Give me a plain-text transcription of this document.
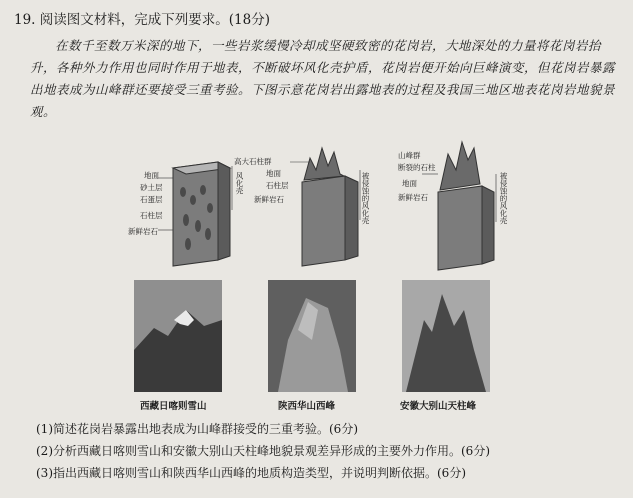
19. 阅读图文材料，完成下列要求。(18分)
在数千至数万米深的地下，一些岩浆缓慢冷却成坚硬致密的花岗岩，大地深处的力量将花岗岩抬升，各种外力作用也同时作用于地表，不断破坏风化壳护盾，花岗岩便开始向巨峰演变，但花岗岩暴露出地表成为山峰群还要接受三重考验。下图示意花岗岩出露地表的过程及我国三地区地表花岗岩地貌景观。
地面
砂土层
石蛋层
石柱层
新鲜岩石
风化壳
高大石柱群
地面
石柱层
新鲜岩石	被侵蚀的风化壳
山峰群
断裂的石柱
地面
新鲜岩石	被侵蚀的风化壳
西藏日喀则雪山	陕西华山西峰	安徽大别山天柱峰
(1)简述花岗岩暴露出地表成为山峰群接受的三重考验。(6分)
(2)分析西藏日喀则雪山和安徽大别山天柱峰地貌景观差异形成的主要外力作用。(6分)
(3)指出西藏日喀则雪山和陕西华山西峰的地质构造类型，并说明判断依据。(6分)
